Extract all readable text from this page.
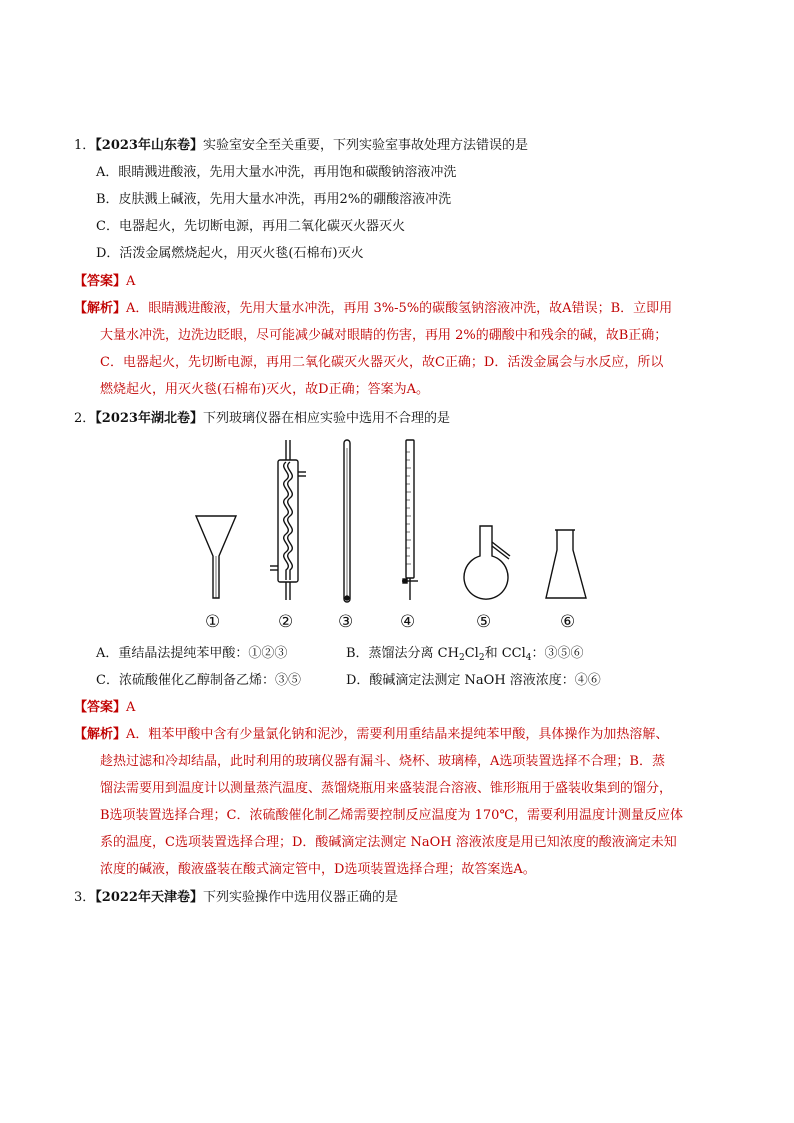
1．【2023年山东卷】实验室安全至关重要，下列实验室事故处理方法错误的是
A．眼睛溅进酸液，先用大量水冲洗，再用饱和碳酸钠溶液冲洗
B．皮肤溅上碱液，先用大量水冲洗，再用2%的硼酸溶液冲洗
C．电器起火，先切断电源，再用二氧化碳灭火器灭火
D．活泼金属燃烧起火，用灭火毯(石棉布)灭火
【答案】A
【解析】A．眼睛溅进酸液，先用大量水冲洗，再用 3%-5%的碳酸氢钠溶液冲洗，故A错误；B．立即用
大量水冲洗，边洗边眨眼，尽可能减少碱对眼睛的伤害，再用 2%的硼酸中和残余的碱，故B正确；
C．电器起火，先切断电源，再用二氧化碳灭火器灭火，故C正确；D．活泼金属会与水反应，所以
燃烧起火，用灭火毯(石棉布)灭火，故D正确；答案为A。
2．【2023年湖北卷】下列玻璃仪器在相应实验中选用不合理的是
①	②	③	④	⑤	⑥
A．重结晶法提纯苯甲酸：①②③	B．蒸馏法分离 $CH_2Cl_2$和 CCl$_4$：③⑤⑥
C．浓硫酸催化乙醇制备乙烯：③⑤	D．酸碱滴定法测定 NaOH 溶液浓度：④⑥
【答案】A
【解析】A．粗苯甲酸中含有少量氯化钠和泥沙，需要利用重结晶来提纯苯甲酸，具体操作为加热溶解、
趁热过滤和冷却结晶，此时利用的玻璃仪器有漏斗、烧杯、玻璃棒，A选项装置选择不合理；B．蒸
馏法需要用到温度计以测量蒸汽温度、蒸馏烧瓶用来盛装混合溶液、锥形瓶用于盛装收集到的馏分，
B选项装置选择合理；C．浓硫酸催化制乙烯需要控制反应温度为 170℃，需要利用温度计测量反应体
系的温度，C选项装置选择合理；D．酸碱滴定法测定 NaOH 溶液浓度是用已知浓度的酸液滴定未知
浓度的碱液，酸液盛装在酸式滴定管中，D选项装置选择合理；故答案选A。
3．【2022年天津卷】下列实验操作中选用仪器正确的是
